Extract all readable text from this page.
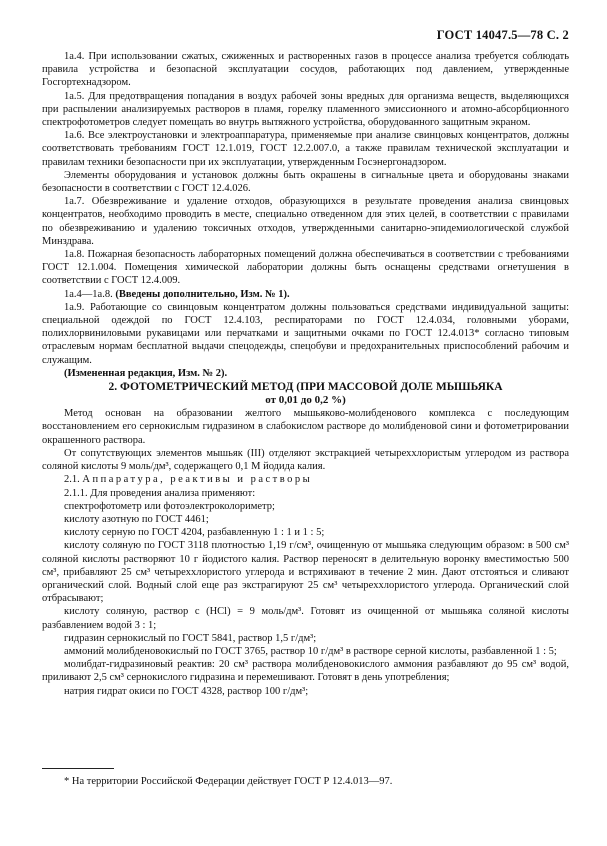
ГОСТ 14047.5—78 С. 2

1а.4. При использовании сжатых, сжиженных и растворенных газов в процессе анализа требуется соблюдать правила устройства и безопасной эксплуатации сосудов, работающих под давлением, утвержденные Госгортехнадзором.

1а.5. Для предотвращения попадания в воздух рабочей зоны вредных для организма веществ, выделяющихся при распылении анализируемых растворов в пламя, горелку пламенного эмиссионного и атомно-абсорбционного спектрофотометров следует помещать во внутрь вытяжного устройства, оборудованного защитным экраном.

1а.6. Все электроустановки и электроаппаратура, применяемые при анализе свинцовых концентратов, должны соответствовать требованиям ГОСТ 12.1.019, ГОСТ 12.2.007.0, а также правилам технической эксплуатации и правилам техники безопасности при их эксплуатации, утвержденным Госэнергонадзором.

Элементы оборудования и установок должны быть окрашены в сигнальные цвета и оборудованы знаками безопасности в соответствии с ГОСТ 12.4.026.

1а.7. Обезвреживание и удаление отходов, образующихся в результате проведения анализа свинцовых концентратов, необходимо проводить в месте, специально отведенном для этих целей, в соответствии с правилами по обезвреживанию и удалению токсичных отходов, утвержденными санитарно-эпидемиологической службой Минздрава.

1а.8. Пожарная безопасность лабораторных помещений должна обеспечиваться в соответствии с требованиями ГОСТ 12.1.004. Помещения химической лаборатории должны быть оснащены средствами огнетушения в соответствии с ГОСТ 12.4.009.

1а.4—1а.8. (Введены дополнительно, Изм. № 1).

1а.9. Работающие со свинцовым концентратом должны пользоваться средствами индивидуальной защиты: специальной одеждой по ГОСТ 12.4.103, респираторами по ГОСТ 12.4.034, головными уборами, полихлорвиниловыми рукавицами или перчатками и защитными очками по ГОСТ 12.4.013* согласно типовым отраслевым нормам бесплатной выдачи спецодежды, спецобуви и предохранительных приспособлений рабочим и служащим.

(Измененная редакция, Изм. № 2).

2. ФОТОМЕТРИЧЕСКИЙ МЕТОД (ПРИ МАССОВОЙ ДОЛЕ МЫШЬЯКА

от 0,01 до 0,2 %)

Метод основан на образовании желтого мышьяково-молибденового комплекса с последующим восстановлением его сернокислым гидразином в слабокислом растворе до молибденовой сини и фотометрировании окрашенного раствора.

От сопутствующих элементов мышьяк (III) отделяют экстракцией четыреххлористым углеродом из раствора соляной кислоты 9 моль/дм³, содержащего 0,1 М йодида калия.

2.1. Аппаратура, реактивы и растворы

2.1.1. Для проведения анализа применяют:

спектрофотометр или фотоэлектроколориметр;

кислоту азотную по ГОСТ 4461;

кислоту серную по ГОСТ 4204, разбавленную 1 : 1 и 1 : 5;

кислоту соляную по ГОСТ 3118 плотностью 1,19 г/см³, очищенную от мышьяка следующим образом: в 500 см³ соляной кислоты растворяют 10 г йодистого калия. Раствор переносят в делительную воронку вместимостью 500 см³, прибавляют 25 см³ четыреххлористого углерода и встряхивают в течение 2 мин. Дают отстояться и сливают органический слой. Водный слой еще раз экстрагируют 25 см³ четыреххлористого углерода. Органический слой отбрасывают;

кислоту соляную, раствор с (HCl) = 9 моль/дм³. Готовят из очищенной от мышьяка соляной кислоты разбавлением водой 3 : 1;

гидразин сернокислый по ГОСТ 5841, раствор 1,5 г/дм³;

аммоний молибденовокислый по ГОСТ 3765, раствор 10 г/дм³ в растворе серной кислоты, разбавленной 1 : 5;

молибдат-гидразиновый реактив: 20 см³ раствора молибденовокислого аммония разбавляют до 95 см³ водой, приливают 2,5 см³ сернокислого гидразина и перемешивают. Готовят в день употребления;

натрия гидрат окиси по ГОСТ 4328, раствор 100 г/дм³;

* На территории Российской Федерации действует ГОСТ Р 12.4.013—97.
